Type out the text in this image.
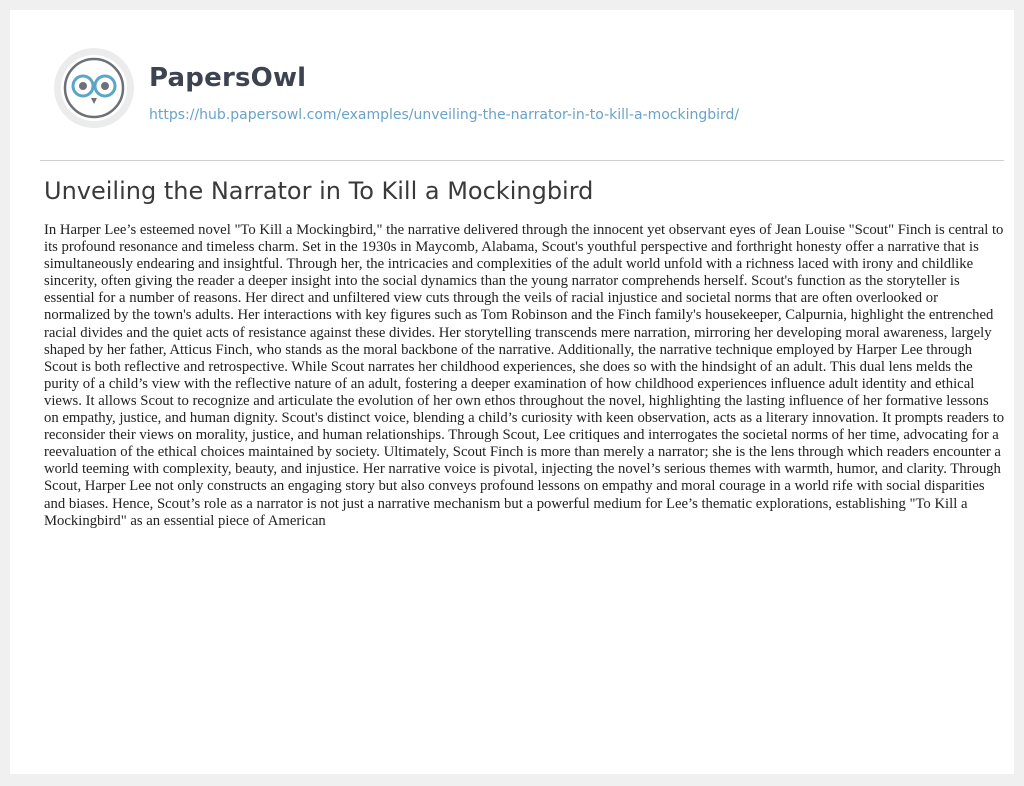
PapersOwl
https://hub.papersowl.com/examples/unveiling-the-narrator-in-to-kill-a-mockingbird/
Unveiling the Narrator in To Kill a Mockingbird

In Harper Lee’s esteemed novel "To Kill a Mockingbird," the narrative delivered through the innocent yet observant eyes of Jean Louise "Scout" Finch is central to its profound resonance and timeless charm. Set in the 1930s in Maycomb, Alabama, Scout's youthful perspective and forthright honesty offer a narrative that is simultaneously endearing and insightful. Through her, the intricacies and complexities of the adult world unfold with a richness laced with irony and childlike sincerity, often giving the reader a deeper insight into the social dynamics than the young narrator comprehends herself. Scout's function as the storyteller is essential for a number of reasons. Her direct and unfiltered view cuts through the veils of racial injustice and societal norms that are often overlooked or normalized by the town's adults. Her interactions with key figures such as Tom Robinson and the Finch family's housekeeper, Calpurnia, highlight the entrenched racial divides and the quiet acts of resistance against these divides. Her storytelling transcends mere narration, mirroring her developing moral awareness, largely shaped by her father, Atticus Finch, who stands as the moral backbone of the narrative. Additionally, the narrative technique employed by Harper Lee through Scout is both reflective and retrospective. While Scout narrates her childhood experiences, she does so with the hindsight of an adult. This dual lens melds the purity of a child’s view with the reflective nature of an adult, fostering a deeper examination of how childhood experiences influence adult identity and ethical views. It allows Scout to recognize and articulate the evolution of her own ethos throughout the novel, highlighting the lasting influence of her formative lessons on empathy, justice, and human dignity. Scout's distinct voice, blending a child’s curiosity with keen observation, acts as a literary innovation. It prompts readers to reconsider their views on morality, justice, and human relationships. Through Scout, Lee critiques and interrogates the societal norms of her time, advocating for a reevaluation of the ethical choices maintained by society. Ultimately, Scout Finch is more than merely a narrator; she is the lens through which readers encounter a world teeming with complexity, beauty, and injustice. Her narrative voice is pivotal, injecting the novel’s serious themes with warmth, humor, and clarity. Through Scout, Harper Lee not only constructs an engaging story but also conveys profound lessons on empathy and moral courage in a world rife with social disparities and biases. Hence, Scout’s role as a narrator is not just a narrative mechanism but a powerful medium for Lee’s thematic explorations, establishing "To Kill a Mockingbird" as an essential piece of American
